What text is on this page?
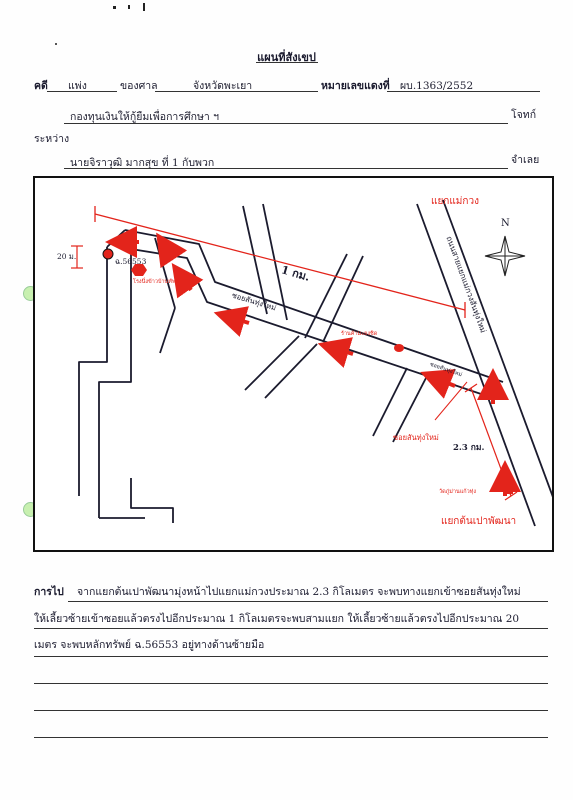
แผนที่สังเขป
คดี แพ่ง	ของศาล	จังหวัดพะเยา	หมายเลขแดงที่ ผบ.1363/2552
กองทุนเงินให้กู้ยืมเพื่อการศึกษา ฯ	โจทก์
ระหว่าง
นายจิราวุฒิ มากสุข ที่ 1 กับพวก	จำเลย
แยกแม่กวง
แยกต้นเปาพัฒนา
N
1 กม.
20 ม.
ฉ.56553
โรงนึ่งข้าวบ้านทัพย์
ซอยสันทุ่งใหม่
ร้านค้ามะยงชิด
ซอยสันทุ่งใหม่
ถนนสายแยกแม่กวงสันทุ่งใหม่
ซอยสันทุ่งใหม่
2.3 กม.
วัดภู่ม่านแก้วทุ่ง
การไป จากแยกต้นเปาพัฒนามุ่งหน้าไปแยกแม่กวงประมาณ 2.3 กิโลเมตร จะพบทางแยกเข้าซอยสันทุ่งใหม่
ให้เลี้ยวซ้ายเข้าซอยแล้วตรงไปอีกประมาณ 1 กิโลเมตรจะพบสามแยก ให้เลี้ยวซ้ายแล้วตรงไปอีกประมาณ 20
เมตร จะพบหลักทรัพย์ ฉ.56553 อยู่ทางด้านซ้ายมือ
